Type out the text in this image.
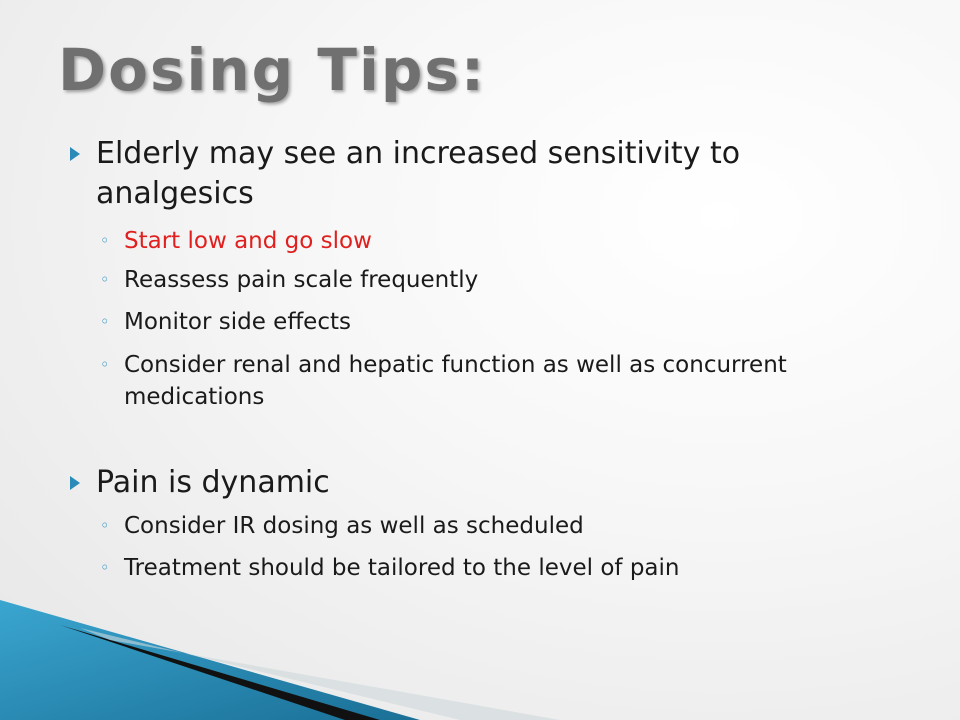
Dosing Tips:
Elderly may see an increased sensitivity to analgesics
◦ Start low and go slow
◦ Reassess pain scale frequently
◦ Monitor side effects
◦ Consider renal and hepatic function as well as concurrent medications
Pain is dynamic
◦ Consider IR dosing as well as scheduled
◦ Treatment should be tailored to the level of pain
